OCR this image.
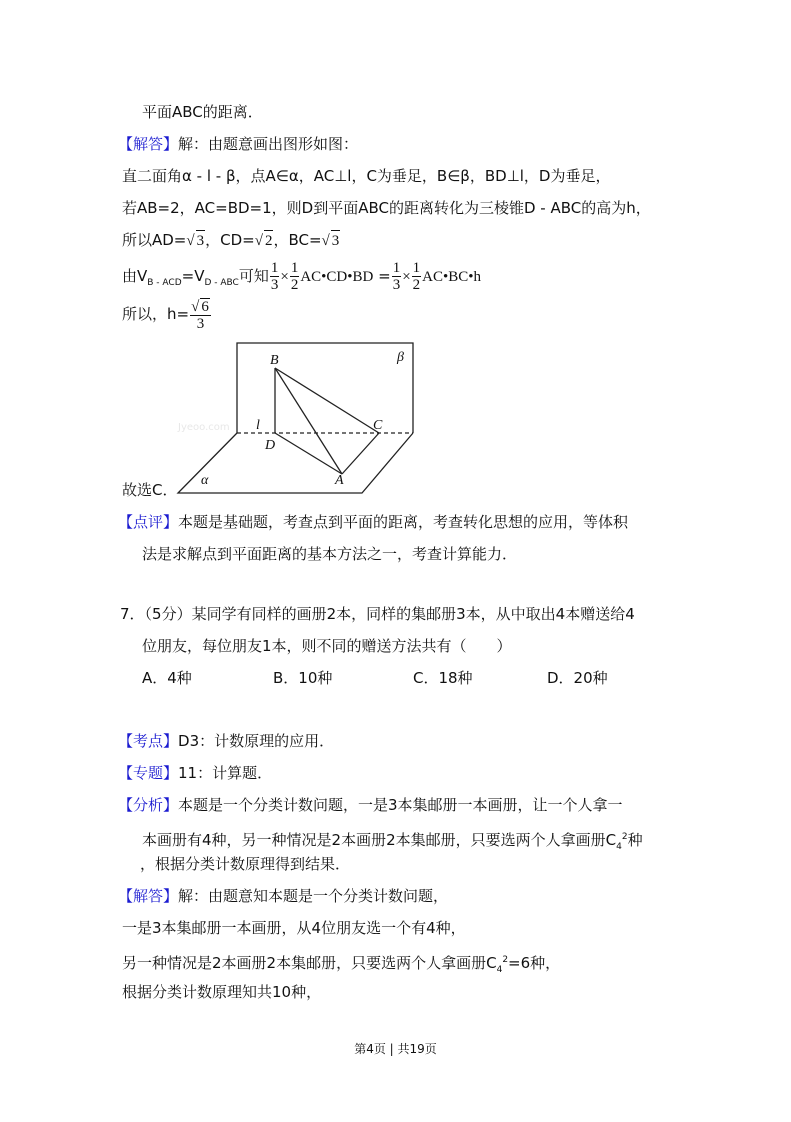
平面ABC的距离．
【解答】解：由题意画出图形如图：
直二面角α - l - β，点A∈α，AC⊥l，C为垂足，B∈β，BD⊥l，D为垂足，
若AB=2，AC=BD=1，则D到平面ABC的距离转化为三棱锥D - ABC的高为h，
所以AD=√ 3，CD=√ 2，BC=√ 3
由$V_{B - ACD}=V_{D - ABC}$可知 $\frac{1}{3} \times \frac{1}{2}$ AC•CD•BD = $\frac{1}{3} \times \frac{1}{2}$ AC•BC•h
所以，$h= \frac{√ 6}{3}$
B
D
C
A
l
α
β
Jyeoo.com
故选C．
【点评】本题是基础题，考查点到平面的距离，考查转化思想的应用，等体积
法是求解点到平面距离的基本方法之一，考查计算能力．
7．（5分）某同学有同样的画册2本，同样的集邮册3本，从中取出4本赠送给4
位朋友，每位朋友1本，则不同的赠送方法共有（　　）
A．4种	B．10种	C．18种	D．20种
【考点】D3：计数原理的应用．
【专题】11：计算题．
【分析】本题是一个分类计数问题，一是3本集邮册一本画册，让一个人拿一
本画册有4种，另一种情况是2本画册2本集邮册，只要选两个人拿画册$C_4^2$种
，根据分类计数原理得到结果．
【解答】解：由题意知本题是一个分类计数问题，
一是3本集邮册一本画册，从4位朋友选一个有4种，
另一种情况是2本画册2本集邮册，只要选两个人拿画册$C_4^2=6$种，
根据分类计数原理知共10种，
第4页 | 共19页
